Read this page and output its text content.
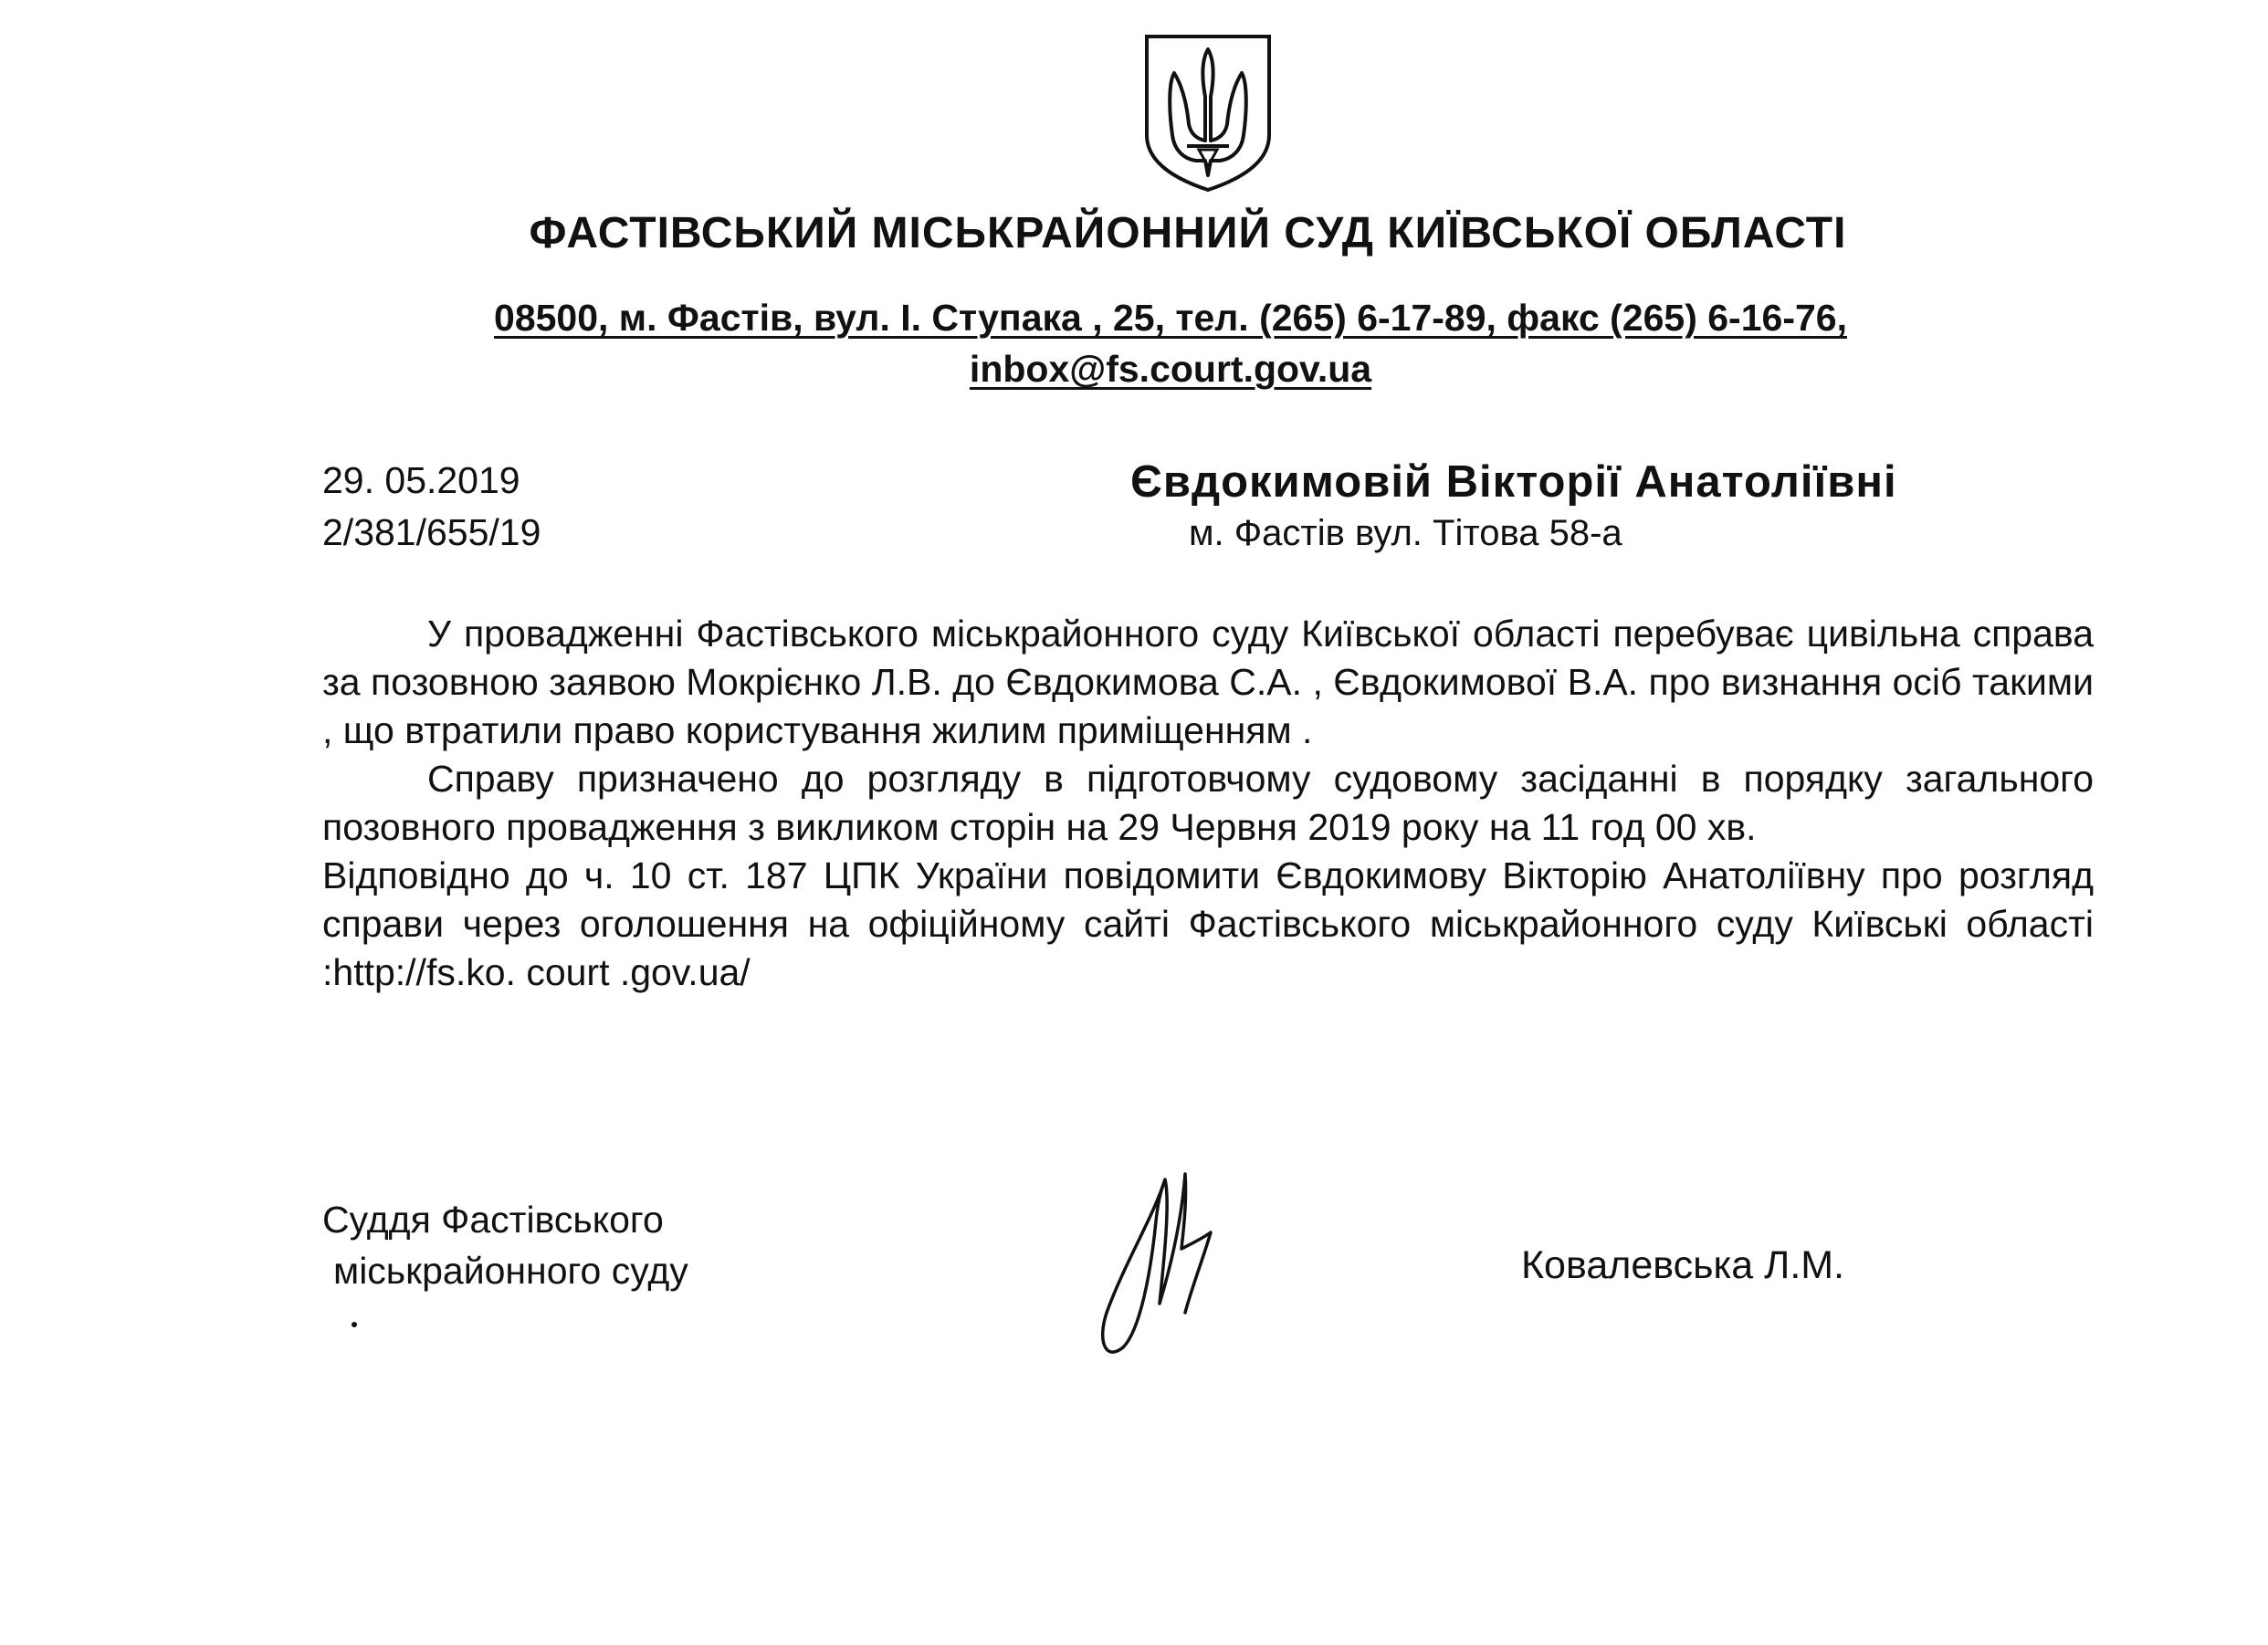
ФАСТІВСЬКИЙ МІСЬКРАЙОННИЙ СУД КИЇВСЬКОЇ ОБЛАСТІ
08500, м. Фастів, вул. І. Ступака , 25, тел. (265) 6-17-89, факс (265) 6-16-76,
inbox@fs.court.gov.ua
29. 05.2019
2/381/655/19
Євдокимовій Вікторії Анатоліївні
м. Фастів вул. Тітова 58-а

У провадженні Фастівського міськрайонного суду Київської області перебуває цивільна справа за позовною заявою Мокрієнко Л.В. до Євдокимова С.А. , Євдокимової В.А. про визнання осіб такими , що втратили право користування жилим приміщенням .

Справу призначено до розгляду в підготовчому судовому засіданні в порядку загального позовного провадження з викликом сторін на 29 Червня 2019 року на 11 год 00 хв.

Відповідно до ч. 10 ст. 187 ЦПК України повідомити Євдокимову Вікторію Анатоліївну про розгляд справи через оголошення на офіційному сайті Фастівського міськрайонного суду Київські області :http://fs.ko. court .gov.ua/

Суддя Фастівського
міськрайонного суду	Ковалевська Л.М.
